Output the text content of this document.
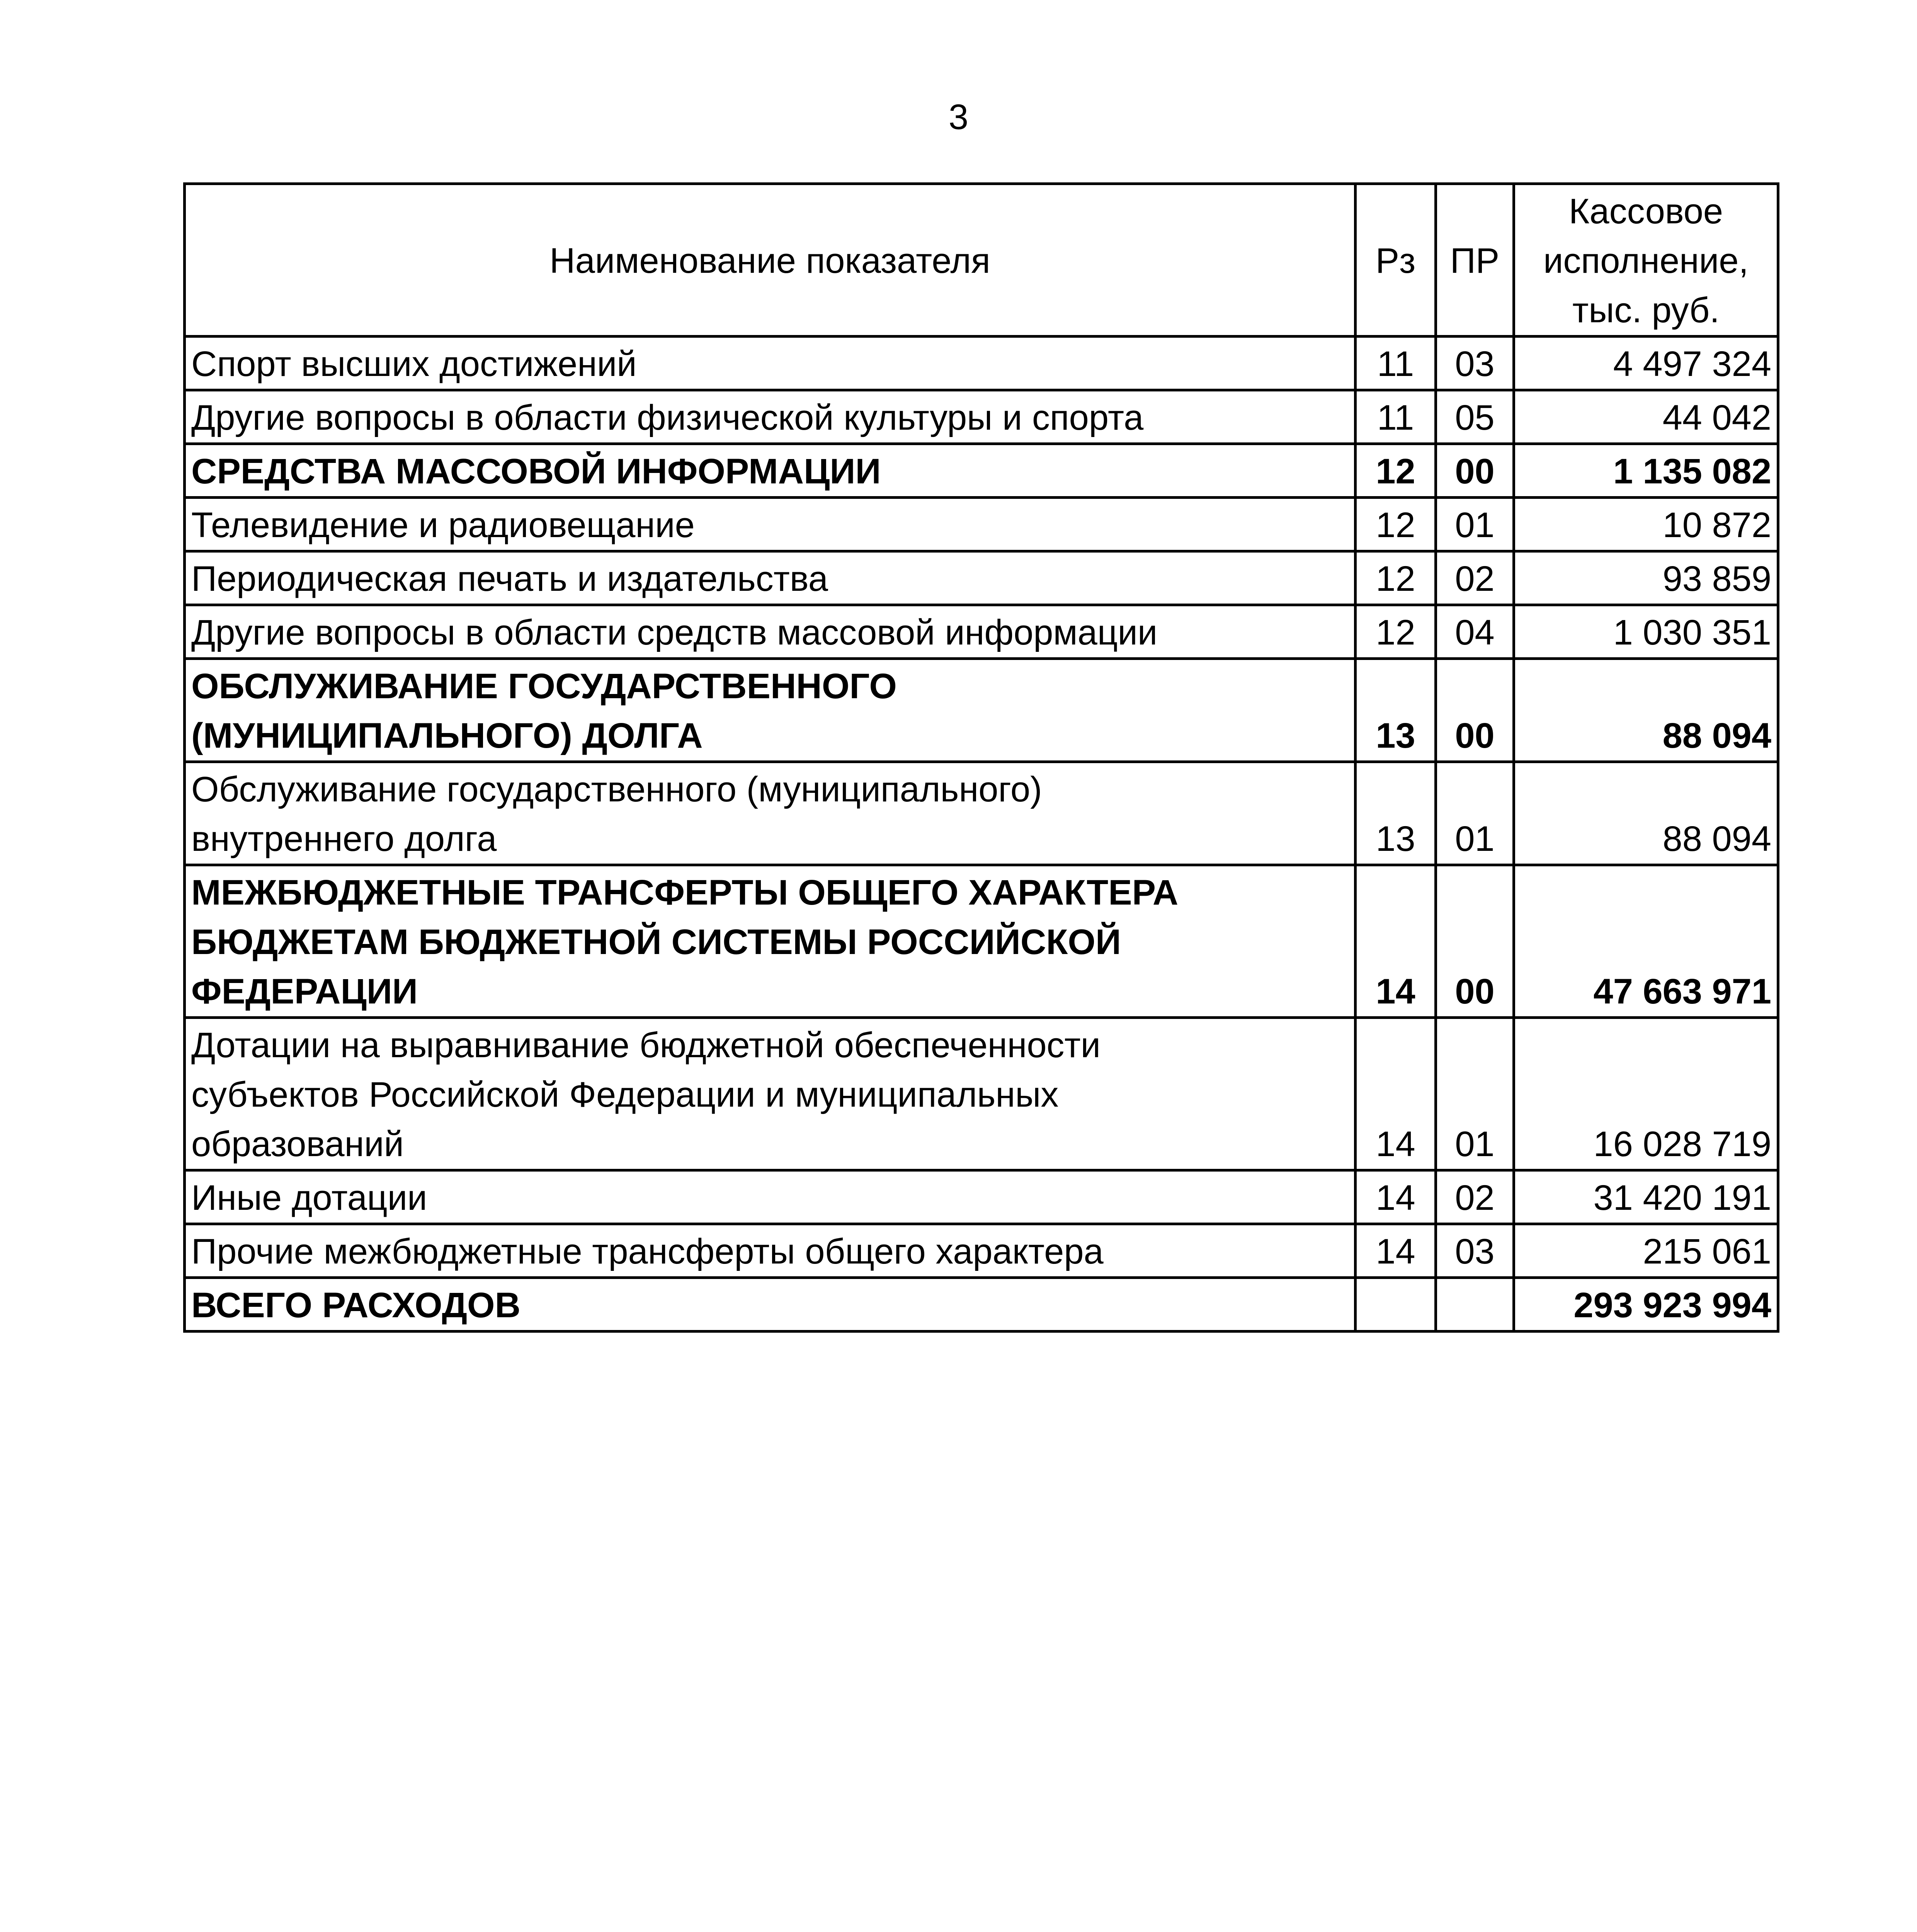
3
Наименование показателя	Рз	ПР	Кассовое
исполнение,
тыс. руб.

Спорт высших достижений	11	03	4 497 324
Другие вопросы в области физической культуры и спорта	11	05	44 042
СРЕДСТВА МАССОВОЙ ИНФОРМАЦИИ	12	00	1 135 082
Телевидение и радиовещание	12	01	10 872
Периодическая печать и издательства	12	02	93 859
Другие вопросы в области средств массовой информации	12	04	1 030 351

ОБСЛУЖИВАНИЕ ГОСУДАРСТВЕННОГО
(МУНИЦИПАЛЬНОГО) ДОЛГА	13	00	88 094

Обслуживание государственного (муниципального)
внутреннего долга	13	01	88 094

МЕЖБЮДЖЕТНЫЕ ТРАНСФЕРТЫ ОБЩЕГО ХАРАКТЕРА
БЮДЖЕТАМ БЮДЖЕТНОЙ СИСТЕМЫ РОССИЙСКОЙ
ФЕДЕРАЦИИ	14	00	47 663 971

Дотации на выравнивание бюджетной обеспеченности
субъектов Российской Федерации и муниципальных
образований	14	01	16 028 719
Иные дотации	14	02	31 420 191
Прочие межбюджетные трансферты общего характера	14	03	215 061
ВСЕГО РАСХОДОВ			293 923 994
